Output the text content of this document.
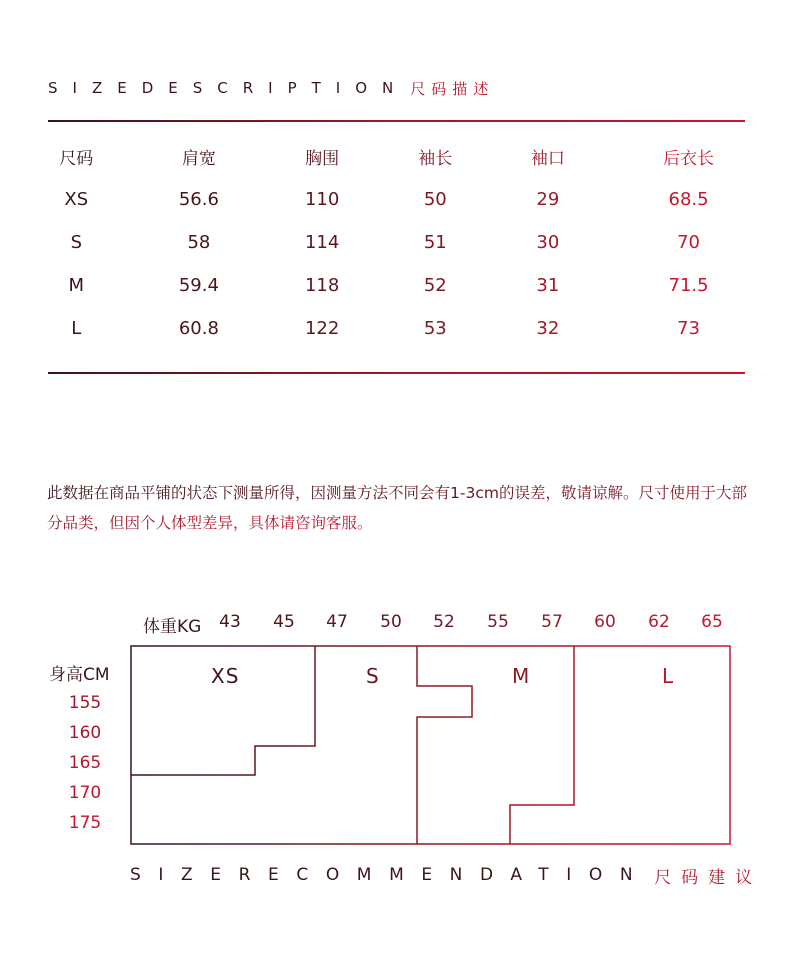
SIZEDESCRIPTION 尺码描述
尺码	肩宽	胸围	袖长	袖口	后衣长
XS	56.6	110	50	29	68.5
S	58	114	51	30	70
M	59.4	118	52	31	71.5
L	60.8	122	53	32	73
此数据在商品平铺的状态下测量所得，因测量方法不同会有1-3cm的误差，敬请谅解。尺寸使用于大部分品类，但因个人体型差异，具体请咨询客服。
体重KG	43	45	47	50	52	55	57	60	62	65
身高CM
155
160
165
170
175
XS	S	M	L
SIZERECOMMENDATION 尺码建议
